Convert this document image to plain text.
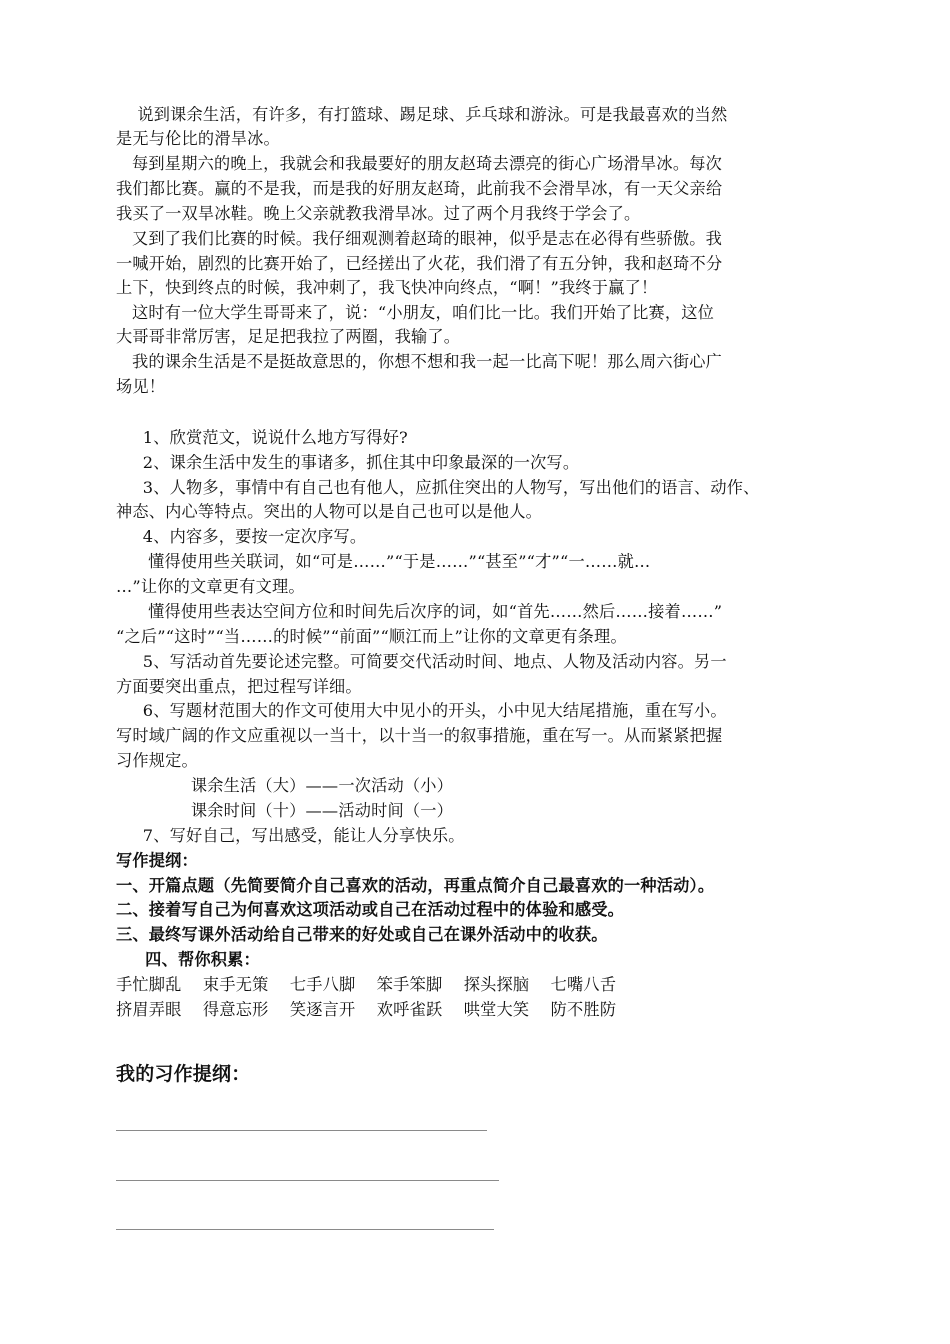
说到课余生活，有许多，有打篮球、踢足球、乒乓球和游泳。可是我最喜欢的当然
是无与伦比的滑旱冰。
每到星期六的晚上，我就会和我最要好的朋友赵琦去漂亮的街心广场滑旱冰。每次
我们都比赛。赢的不是我，而是我的好朋友赵琦，此前我不会滑旱冰，有一天父亲给
我买了一双旱冰鞋。晚上父亲就教我滑旱冰。过了两个月我终于学会了。
又到了我们比赛的时候。我仔细观测着赵琦的眼神，似乎是志在必得有些骄傲。我
一喊开始，剧烈的比赛开始了，已经搓出了火花，我们滑了有五分钟，我和赵琦不分
上下，快到终点的时候，我冲刺了，我飞快冲向终点，“啊！”我终于赢了！
这时有一位大学生哥哥来了，说：“小朋友，咱们比一比。我们开始了比赛，这位
大哥哥非常厉害，足足把我拉了两圈，我输了。
我的课余生活是不是挺故意思的，你想不想和我一起一比高下呢！那么周六街心广
场见！
1、欣赏范文，说说什么地方写得好?
2、课余生活中发生的事诸多，抓住其中印象最深的一次写。
3、人物多，事情中有自己也有他人，应抓住突出的人物写，写出他们的语言、动作、
神态、内心等特点。突出的人物可以是自己也可以是他人。
4、内容多，要按一定次序写。
懂得使用些关联词，如“可是……”“于是……”“甚至”“才”“一……就…
…”让你的文章更有文理。
懂得使用些表达空间方位和时间先后次序的词，如“首先……然后……接着……”
“之后”“这时”“当……的时候”“前面”“顺江而上”让你的文章更有条理。
5、写活动首先要论述完整。可简要交代活动时间、地点、人物及活动内容。另一
方面要突出重点，把过程写详细。
6、写题材范围大的作文可使用大中见小的开头，小中见大结尾措施，重在写小。
写时域广阔的作文应重视以一当十，以十当一的叙事措施，重在写一。从而紧紧把握
习作规定。
课余生活（大）——一次活动（小）
课余时间（十）——活动时间（一）
7、写好自己，写出感受，能让人分享快乐。
写作提纲：
一、开篇点题（先简要简介自己喜欢的活动，再重点简介自己最喜欢的一种活动）。
二、接着写自己为何喜欢这项活动或自己在活动过程中的体验和感受。
三、最终写课外活动给自己带来的好处或自己在课外活动中的收获。
四、帮你积累：
手忙脚乱    束手无策    七手八脚    笨手笨脚    探头探脑    七嘴八舌
挤眉弄眼    得意忘形    笑逐言开    欢呼雀跃    哄堂大笑    防不胜防
我的习作提纲：
